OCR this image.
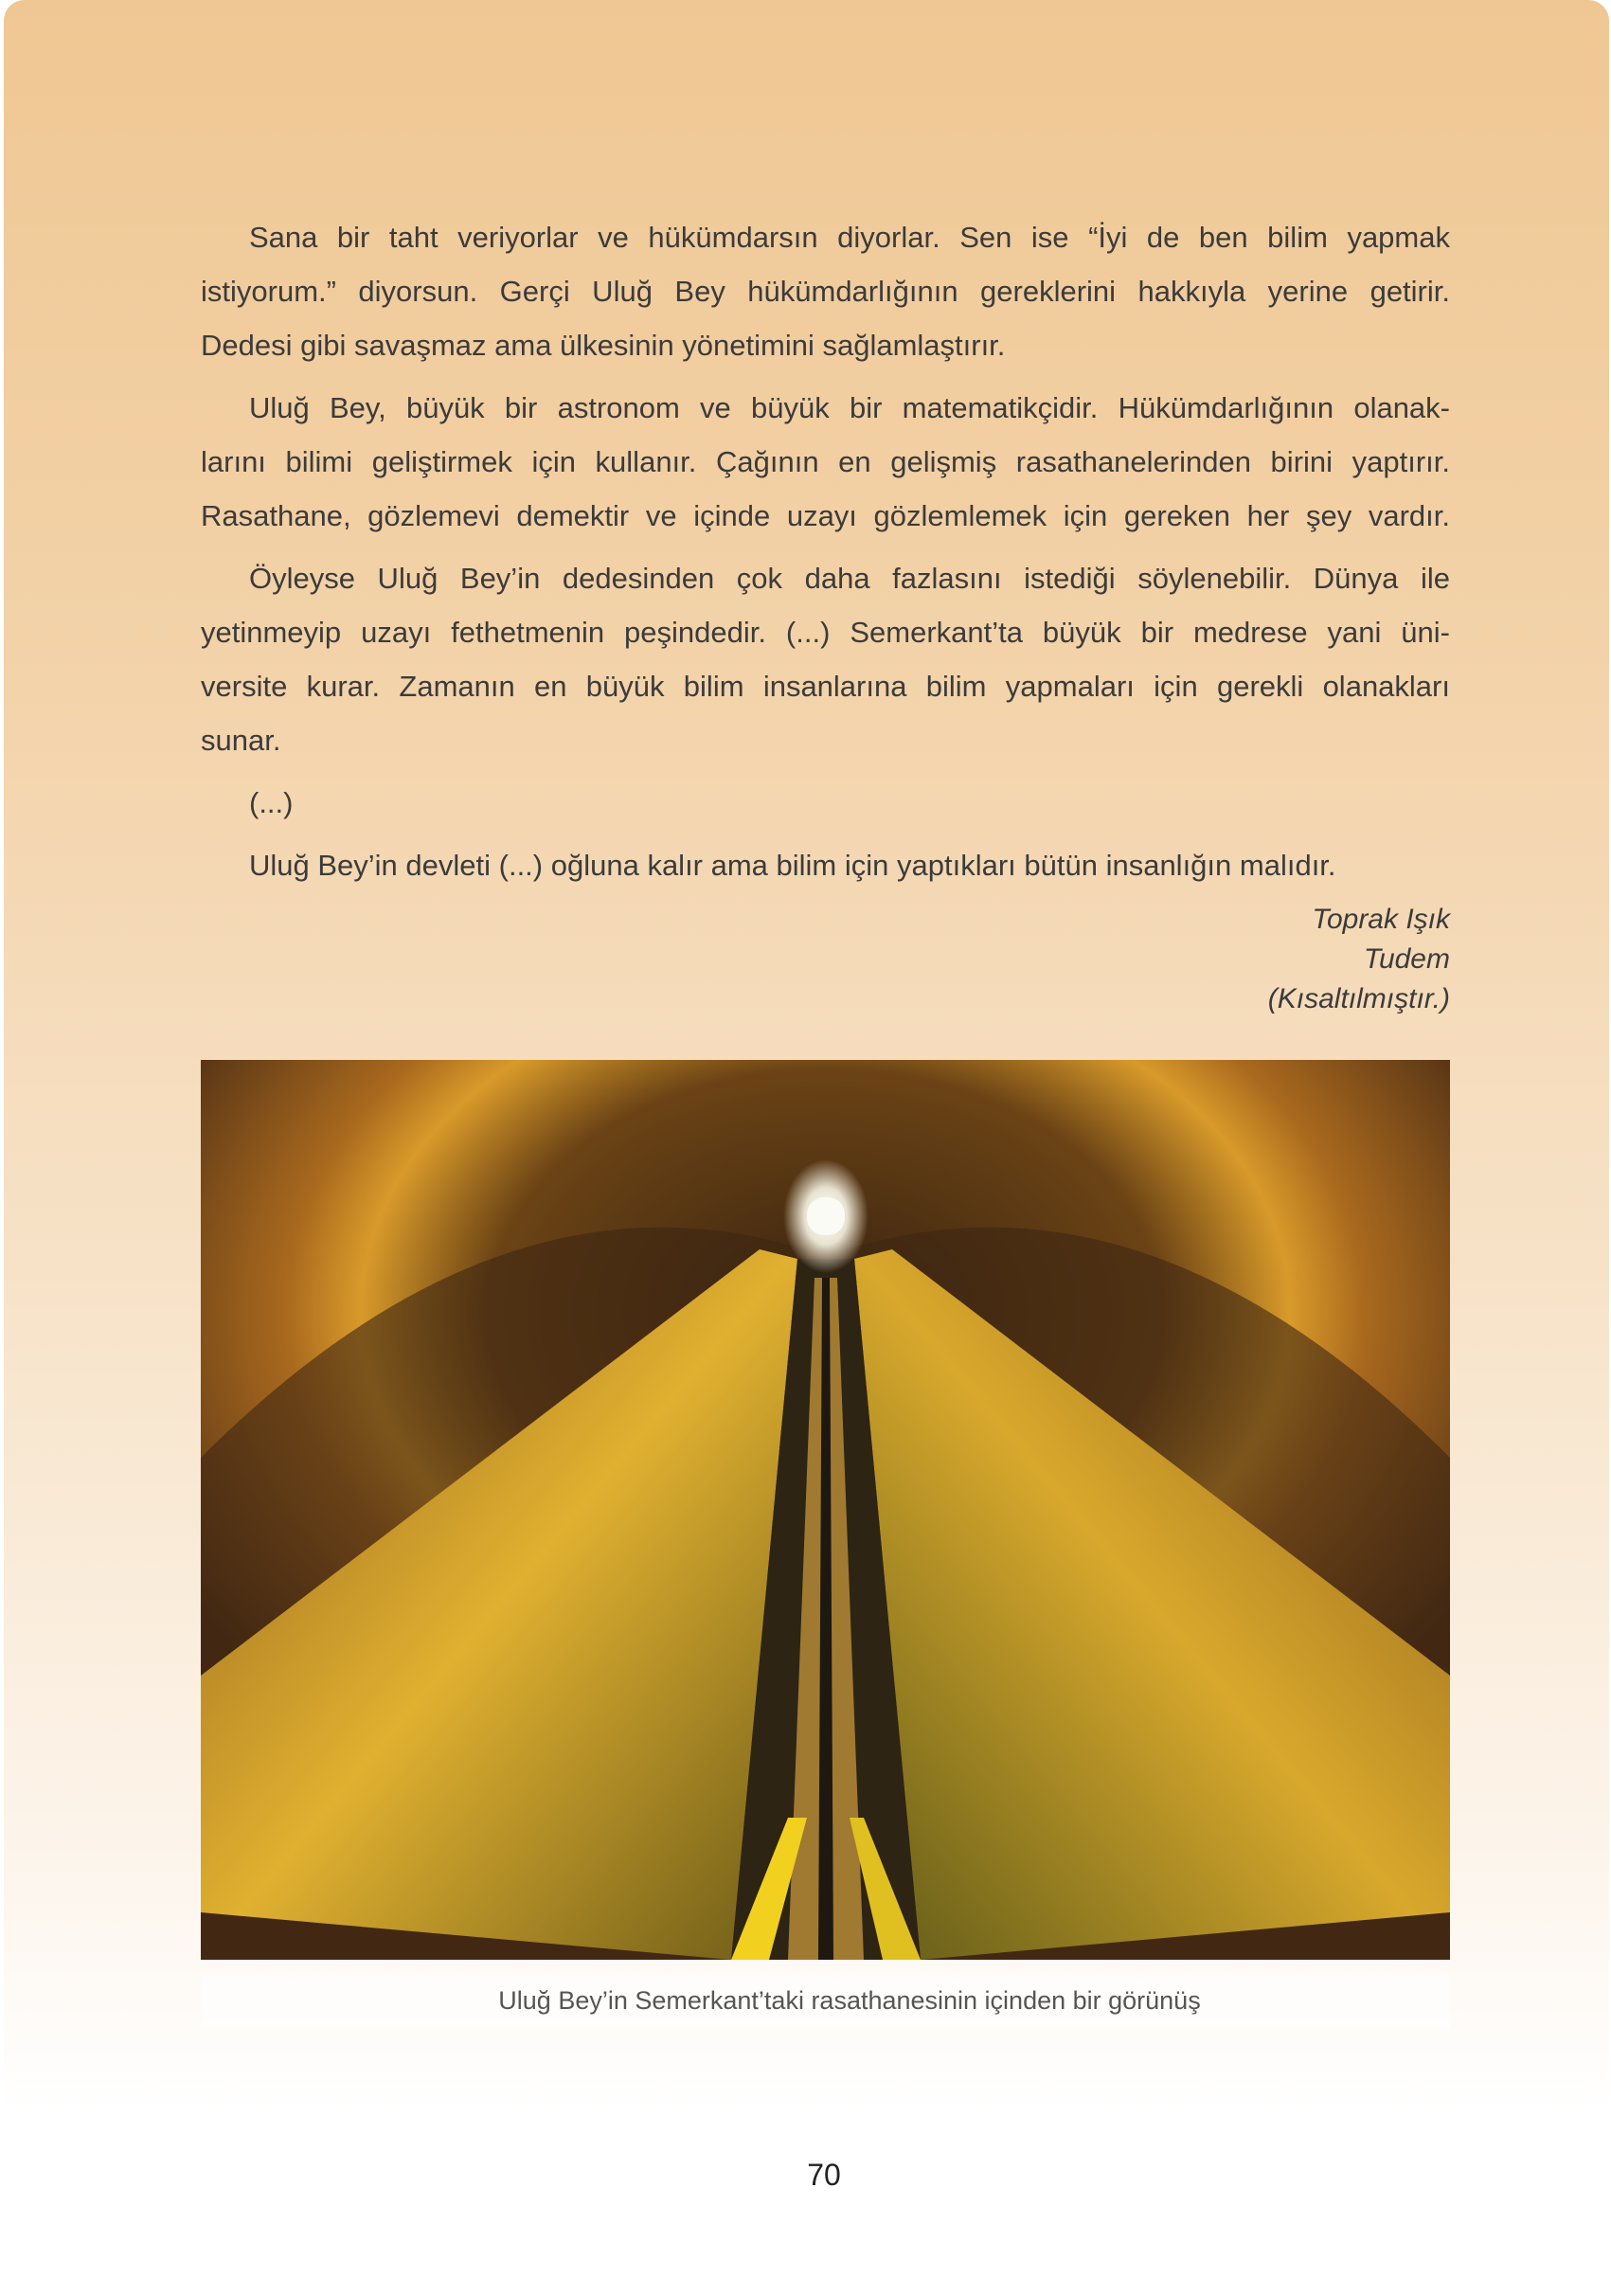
Sana bir taht veriyorlar ve hükümdarsın diyorlar. Sen ise “İyi de ben bilim yapmak
istiyorum.” diyorsun. Gerçi Uluğ Bey hükümdarlığının gereklerini hakkıyla yerine getirir.
Dedesi gibi savaşmaz ama ülkesinin yönetimini sağlamlaştırır.
Uluğ Bey, büyük bir astronom ve büyük bir matematikçidir. Hükümdarlığının olanak-
larını bilimi geliştirmek için kullanır. Çağının en gelişmiş rasathanelerinden birini yaptırır.
Rasathane, gözlemevi demektir ve içinde uzayı gözlemlemek için gereken her şey vardır.
Öyleyse Uluğ Bey’in dedesinden çok daha fazlasını istediği söylenebilir. Dünya ile
yetinmeyip uzayı fethetmenin peşindedir. (...) Semerkant’ta büyük bir medrese yani üni-
versite kurar. Zamanın en büyük bilim insanlarına bilim yapmaları için gerekli olanakları
sunar.
(...)
Uluğ Bey’in devleti (...) oğluna kalır ama bilim için yaptıkları bütün insanlığın malıdır.
Toprak Işık
Tudem
(Kısaltılmıştır.)
Uluğ Bey’in Semerkant’taki rasathanesinin içinden bir görünüş
70
